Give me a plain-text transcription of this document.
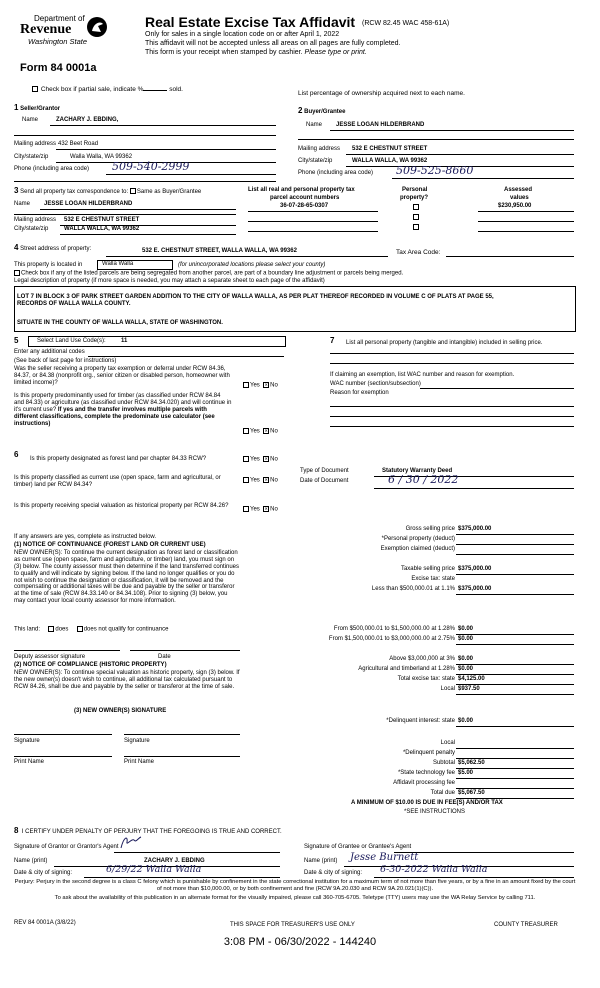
Department of
Revenue
Washington State
Real Estate Excise Tax Affidavit (RCW 82.45 WAC 458-61A)
Only for sales in a single location code on or after April 1, 2022
This affidavit will not be accepted unless all areas on all pages are fully completed.
This form is your receipt when stamped by cashier. Please type or print.
Form 84 0001a
Check box if partial sale, indicate %	sold.
List percentage of ownership acquired next to each name.
1 Seller/Grantor
Name	ZACHARY J. EBDING,
Mailing address 432 Beet Road
City/state/zip	Walla Walla, WA 99362
Phone (including area code) 509-540-2999
2 Buyer/Grantee
Name JESSE LOGAN HILDERBRAND
Mailing address 532 E CHESTNUT STREET
City/state/zip	WALLA WALLA, WA 99362
Phone (including area code) 509-525-8660
3 Send all property tax correspondence to: Same as Buyer/Grantee
Name JESSE LOGAN HILDERBRAND
Mailing address 532 E CHESTNUT STREET
City/state/zip	WALLA WALLA, WA 99362
List all real and personal property tax
parcel account numbers
36-07-28-65-0307
Personal
property?
Assessed
values
$230,950.00
4 Street address of property:	532 E. CHESTNUT STREET, WALLA WALLA, WA 99362	Tax Area Code:
This property is located in	Walla Walla	(for unincorporated locations please select your county)
Check box if any of the listed parcels are being segregated from another parcel, are part of a boundary line adjustment or parcels being merged.
Legal description of property (if more space is needed, you may attach a separate sheet to each page of the affidavit)
LOT 7 IN BLOCK 3 OF PARK STREET GARDEN ADDITION TO THE CITY OF WALLA WALLA, AS PER PLAT THEREOF RECORDED IN VOLUME C OF PLATS AT PAGE 55,
RECORDS OF WALLA WALLA COUNTY.
SITUATE IN THE COUNTY OF WALLA WALLA, STATE OF WASHINGTON.
5	Select Land Use Code(s):	11
Enter any additional codes
(See back of last page for instructions)
Was the seller receiving a property tax exemption or deferral under RCW 84.36, 84.37, or 84.38 (nonprofit org., senior citizen or disabled person, homeowner with limited income)?	Yes ✕ No
Is this property predominantly used for timber (as classified under RCW 84.84 and 84.33) or agriculture (as classified under RCW 84.34.020) and will continue in it's current use? If yes and the transfer involves multiple parcels with different classifications, complete the predominate use calculator (see instructions)
Yes ✕ No
7 List all personal property (tangible and intangible) included in selling price.
If claiming an exemption, list WAC number and reason for exemption.
WAC number (section/subsection)
Reason for exemption
6 Is this property designated as forest land per chapter 84.33 RCW?	Yes ✕ No
Is this property classified as current use (open space, farm and agricultural, or timber) land per RCW 84.34?
Yes ✕ No
Is this property receiving special valuation as historical property per RCW 84.26?
Yes ✕ No
Type of Document	Statutory Warranty Deed
Date of Document	6 / 30 / 2022
If any answers are yes, complete as instructed below.
(1) NOTICE OF CONTINUANCE (FOREST LAND OR CURRENT USE)
NEW OWNER(S): To continue the current designation as forest land or classification as current use (open space, farm and agriculture, or timber) land, you must sign on (3) below. The county assessor must then determine if the land transferred continues to qualify and will indicate by signing below. If the land no longer qualifies or you do not wish to continue the designation or classification, it will be removed and the compensating or additional taxes will be due and payable by the seller or transferor at the time of sale (RCW 84.33.140 or 84.34.108). Prior to signing (3) below, you may contact your local county assessor for more information.
This land:	does	does not qualify for continuance
Deputy assessor signature	Date
(2) NOTICE OF COMPLIANCE (HISTORIC PROPERTY)
NEW OWNER(S): To continue special valuation as historic property, sign (3) below. If the new owner(s) doesn't wish to continue, all additional tax calculated pursuant to RCW 84.26, shall be due and payable by the seller or transferor at the time of sale.
(3) NEW OWNER(S) SIGNATURE
Signature	Signature
Print Name	Print Name
Gross selling price $375,000.00
*Personal property (deduct)
Exemption claimed (deduct)
Taxable selling price $375,000.00
Excise tax: state
Less than $500,000.01 at 1.1% $375,000.00
From $500,000.01 to $1,500,000.00 at 1.28% $0.00
From $1,500,000.01 to $3,000,000.00 at 2.75% $0.00
Above $3,000,000 at 3% $0.00
Agricultural and timberland at 1.28% $0.00
Total excise tax: state $4,125.00
Local $937.50
*Delinquent interest: state $0.00
Local
*Delinquent penalty
Subtotal $5,062.50
*State technology fee $5.00
Affidavit processing fee
Total due $5,067.50
A MINIMUM OF $10.00 IS DUE IN FEE(S) AND/OR TAX
*SEE INSTRUCTIONS
8 I CERTIFY UNDER PENALTY OF PERJURY THAT THE FOREGOING IS TRUE AND CORRECT.
Signature of Grantor or Grantor's Agent	Signature of Grantee or Grantee's Agent
Name (print)	ZACHARY J. EBDING	Name (print) Jesse Burnett
Date & city of signing:	6/29/22 Walla Walla	Date & city of signing: 6-30-2022 Walla Walla
Perjury: Perjury in the second degree is a class C felony which is punishable by confinement in the state correctional institution for a maximum term of not more than five years, or by a fine in an amount fixed by the court of not more than $10,000.00, or by both confinement and fine (RCW 9A.20.030 and RCW 9A.20.021(1)(C)).
To ask about the availability of this publication in an alternate format for the visually impaired, please call 360-705-6705. Teletype (TTY) users may use the WA Relay Service by calling 711.
REV 84 0001A (3/8/22)	THIS SPACE FOR TREASURER'S USE ONLY	COUNTY TREASURER
3:08 PM - 06/30/2022 - 144240
